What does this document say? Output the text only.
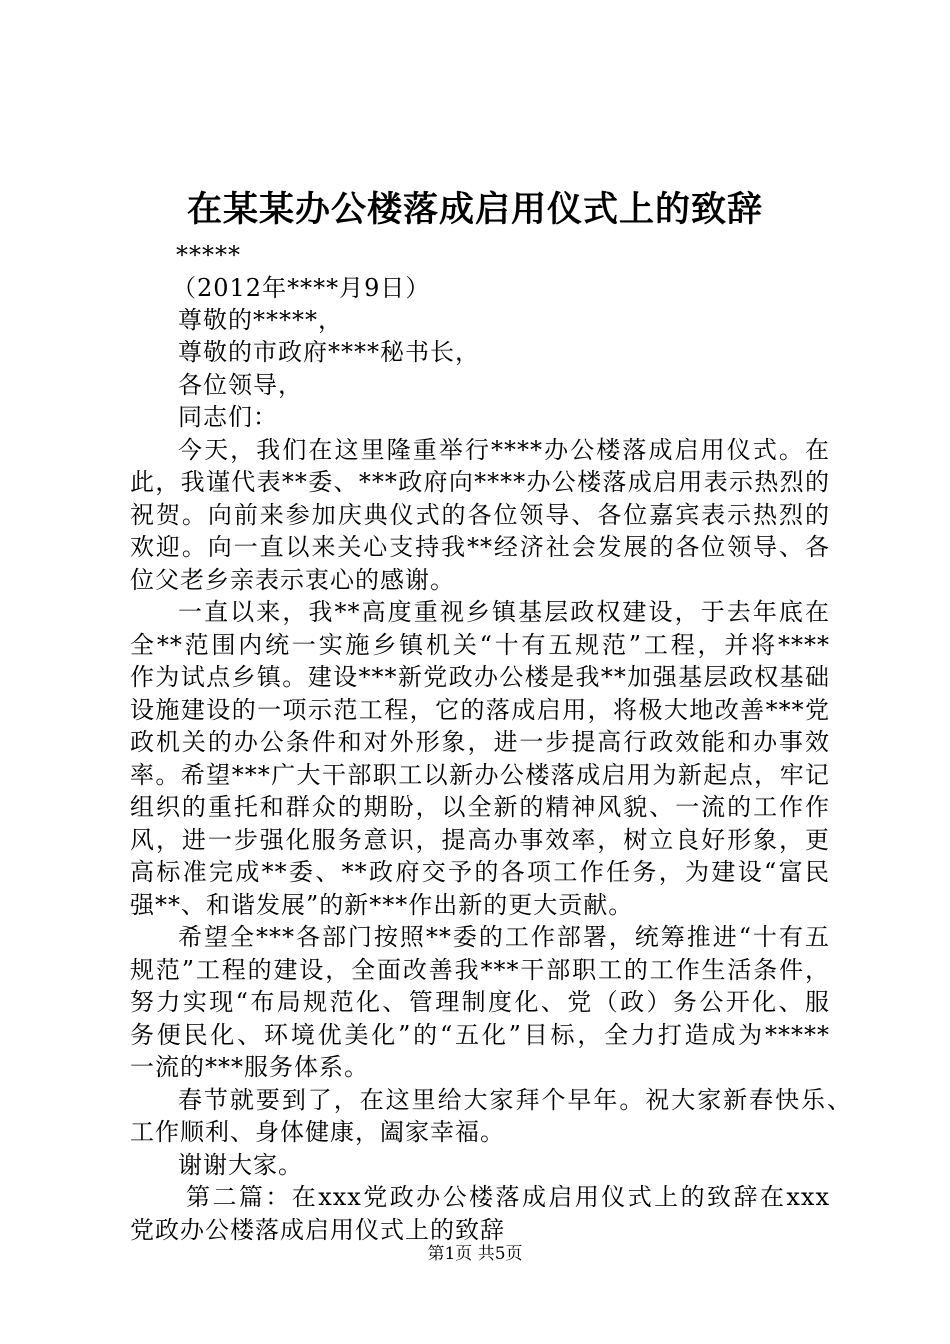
在某某办公楼落成启用仪式上的致辞
*****
（2012年****月9日）
尊敬的*****，
尊敬的市政府****秘书长，
各位领导，
同志们：
今天，我们在这里隆重举行****办公楼落成启用仪式。在
此，我谨代表**委、***政府向****办公楼落成启用表示热烈的
祝贺。向前来参加庆典仪式的各位领导、各位嘉宾表示热烈的
欢迎。向一直以来关心支持我**经济社会发展的各位领导、各
位父老乡亲表示衷心的感谢。
一直以来，我**高度重视乡镇基层政权建设，于去年底在
全**范围内统一实施乡镇机关“十有五规范”工程，并将****
作为试点乡镇。建设***新党政办公楼是我**加强基层政权基础
设施建设的一项示范工程，它的落成启用，将极大地改善***党
政机关的办公条件和对外形象，进一步提高行政效能和办事效
率。希望***广大干部职工以新办公楼落成启用为新起点，牢记
组织的重托和群众的期盼，以全新的精神风貌、一流的工作作
风，进一步强化服务意识，提高办事效率，树立良好形象，更
高标准完成**委、**政府交予的各项工作任务，为建设“富民
强**、和谐发展”的新***作出新的更大贡献。
希望全***各部门按照**委的工作部署，统筹推进“十有五
规范”工程的建设，全面改善我***干部职工的工作生活条件，
努力实现“布局规范化、管理制度化、党（政）务公开化、服
务便民化、环境优美化”的“五化”目标，全力打造成为*****
一流的***服务体系。
春节就要到了，在这里给大家拜个早年。祝大家新春快乐、
工作顺利、身体健康，阖家幸福。
谢谢大家。
第二篇：在xxx党政办公楼落成启用仪式上的致辞在xxx
党政办公楼落成启用仪式上的致辞
第1页 共5页
